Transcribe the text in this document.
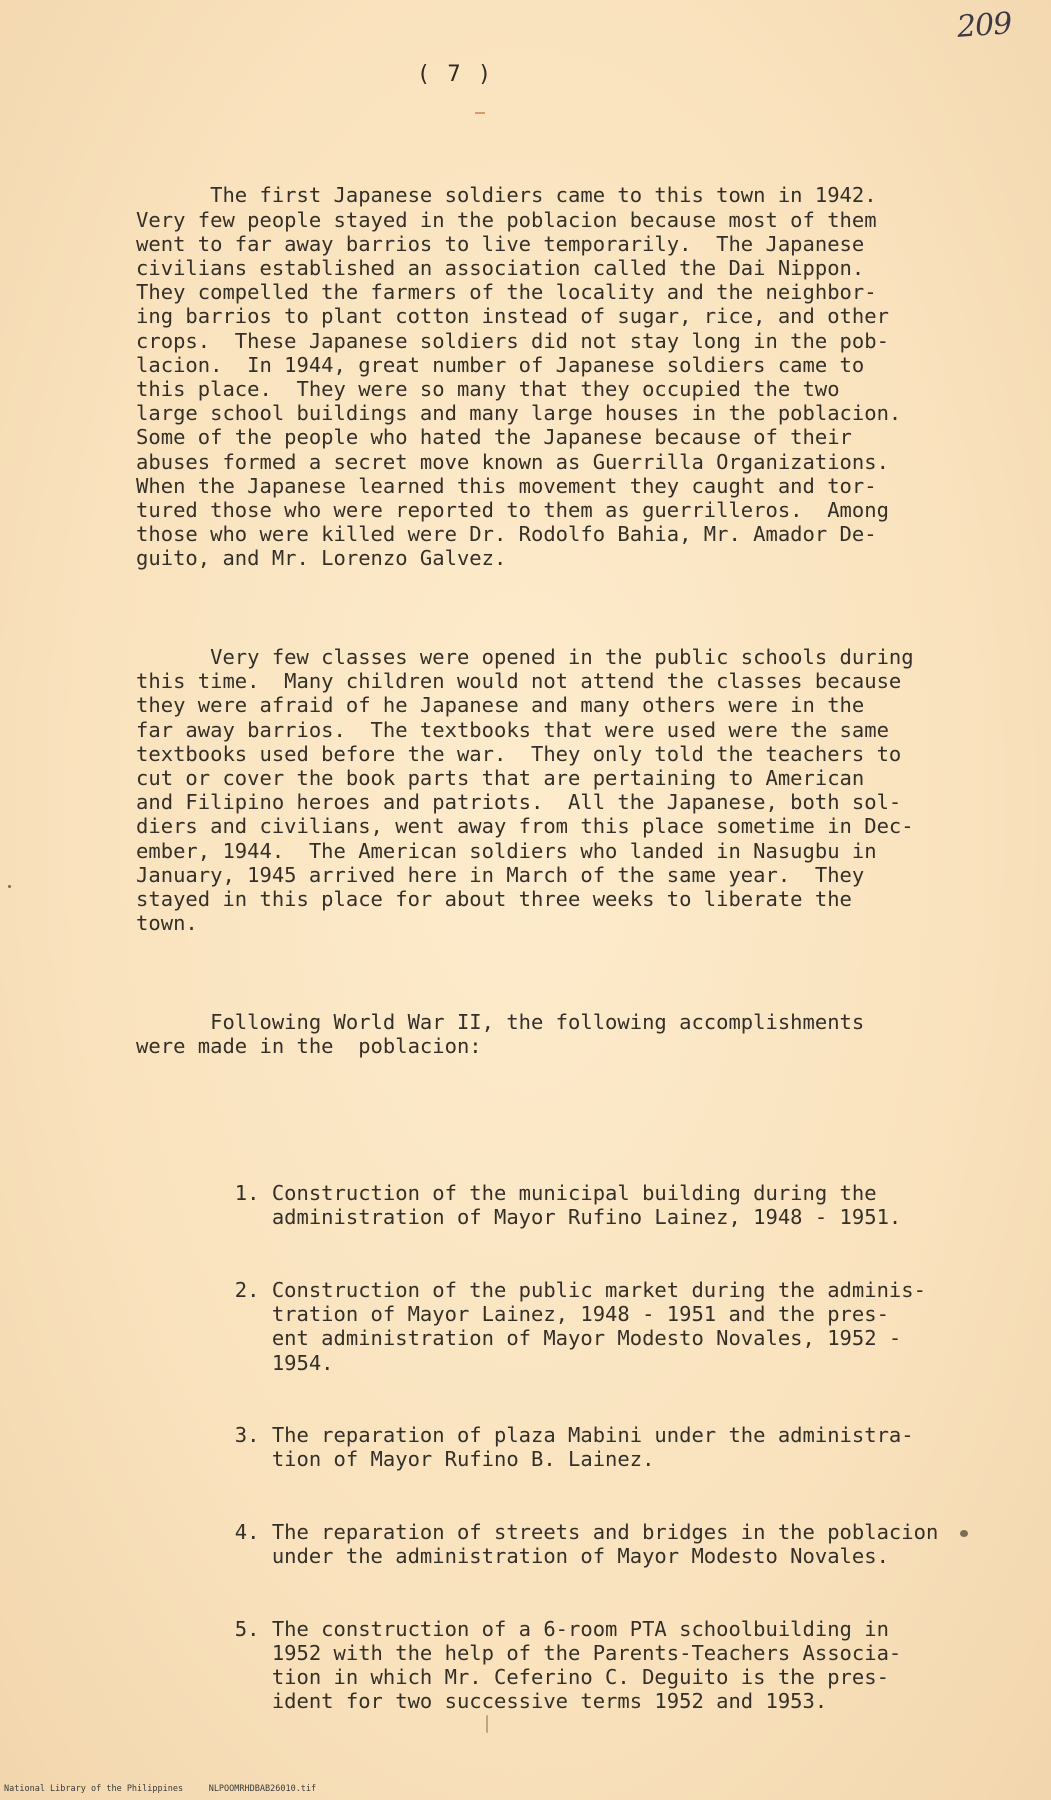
209
( 7 )

The first Japanese soldiers came to this town in 1942.
Very few people stayed in the poblacion because most of them
went to far away barrios to live temporarily.  The Japanese
civilians established an association called the Dai Nippon.
They compelled the farmers of the locality and the neighbor-
ing barrios to plant cotton instead of sugar, rice, and other
crops.  These Japanese soldiers did not stay long in the pob-
lacion.  In 1944, great number of Japanese soldiers came to
this place.  They were so many that they occupied the two
large school buildings and many large houses in the poblacion.
Some of the people who hated the Japanese because of their
abuses formed a secret move known as Guerrilla Organizations.
When the Japanese learned this movement they caught and tor-
tured those who were reported to them as guerrilleros.  Among
those who were killed were Dr. Rodolfo Bahia, Mr. Amador De-
guito, and Mr. Lorenzo Galvez.

Very few classes were opened in the public schools during
this time.  Many children would not attend the classes because
they were afraid of he Japanese and many others were in the
far away barrios.  The textbooks that were used were the same
textbooks used before the war.  They only told the teachers to
cut or cover the book parts that are pertaining to American
and Filipino heroes and patriots.  All the Japanese, both sol-
diers and civilians, went away from this place sometime in Dec-
ember, 1944.  The American soldiers who landed in Nasugbu in
January, 1945 arrived here in March of the same year.  They
stayed in this place for about three weeks to liberate the
town.

Following World War II, the following accomplishments
were made in the  poblacion:

1. Construction of the municipal building during the
administration of Mayor Rufino Lainez, 1948 - 1951.

2. Construction of the public market during the adminis-
tration of Mayor Lainez, 1948 - 1951 and the pres-
ent administration of Mayor Modesto Novales, 1952 -
1954.

3. The reparation of plaza Mabini under the administra-
tion of Mayor Rufino B. Lainez.

4. The reparation of streets and bridges in the poblacion
under the administration of Mayor Modesto Novales.

5. The construction of a 6-room PTA schoolbuilding in
1952 with the help of the Parents-Teachers Associa-
tion in which Mr. Ceferino C. Deguito is the pres-
ident for two successive terms 1952 and 1953.

National Library of the Philippines     NLPOOMRHDBAB26010.tif
